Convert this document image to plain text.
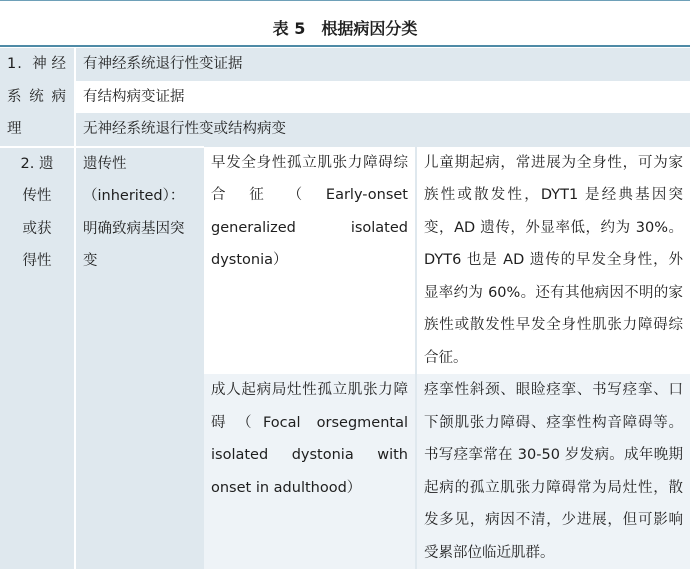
表 5　根据病因分类
1. 神经系统病理	有神经系统退行性变证据		
	有结构病变证据		
	无神经系统退行性变或结构病变		
2. 遗传性或获得性	遗传性（inherited）：明确致病基因突变	早发全身性孤立肌张力障碍综合征（Early-onset generalized isolated dystonia）	儿童期起病，常进展为全身性，可为家族性或散发性，DYT1 是经典基因突变，AD 遗传，外显率低，约为 30%。DYT6 也是 AD 遗传的早发全身性，外显率约为 60%。还有其他病因不明的家族性或散发性早发全身性肌张力障碍综合征。
		成人起病局灶性孤立肌张力障碍（Focal orsegmental isolated dystonia with onset in adulthood）	痉挛性斜颈、眼睑痉挛、书写痉挛、口下颌肌张力障碍、痉挛性构音障碍等。书写痉挛常在 30-50 岁发病。成年晚期起病的孤立肌张力障碍常为局灶性，散发多见，病因不清，少进展，但可影响受累部位临近肌群。
